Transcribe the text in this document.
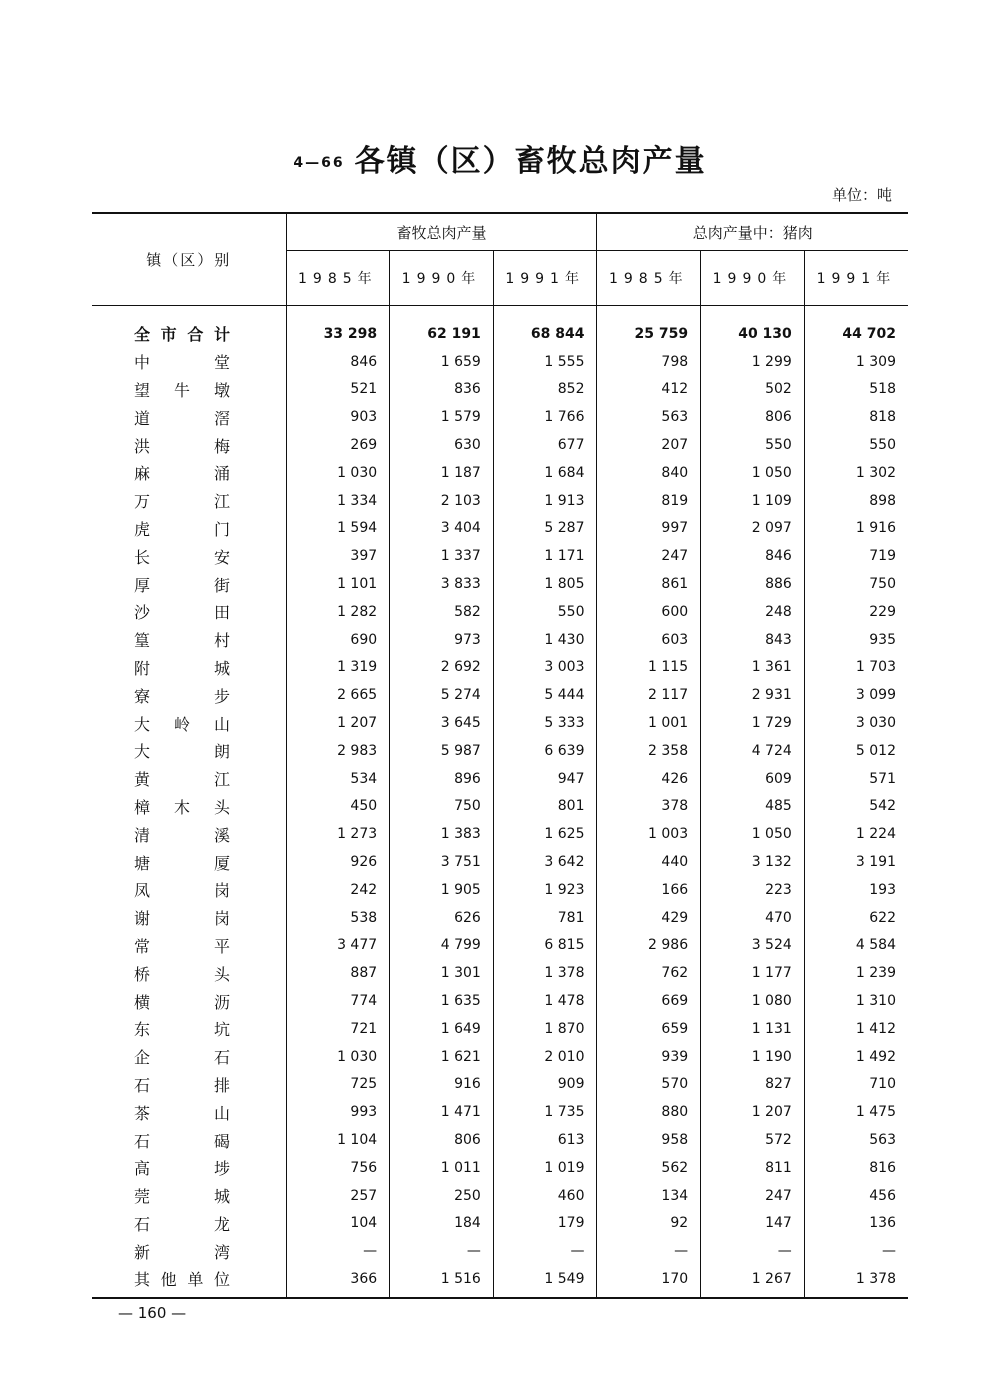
4—66 各镇（区）畜牧总肉产量
单位：吨
镇（区）别	畜牧总肉产量			总肉产量中：猪肉		
	1985年	1990年	1991年	1985年	1990年	1991年

全 市 合 计	33 298	62 191	68 844	25 759	40 130	44 702

中 堂	846	1 659	1 555	798	1 299	1 309

望 牛 墩	521	836	852	412	502	518

道 滘	903	1 579	1 766	563	806	818

洪 梅	269	630	677	207	550	550

麻 涌	1 030	1 187	1 684	840	1 050	1 302

万 江	1 334	2 103	1 913	819	1 109	898

虎 门	1 594	3 404	5 287	997	2 097	1 916

长 安	397	1 337	1 171	247	846	719

厚 街	1 101	3 833	1 805	861	886	750

沙 田	1 282	582	550	600	248	229

篁 村	690	973	1 430	603	843	935

附 城	1 319	2 692	3 003	1 115	1 361	1 703

寮 步	2 665	5 274	5 444	2 117	2 931	3 099

大 岭 山	1 207	3 645	5 333	1 001	1 729	3 030

大 朗	2 983	5 987	6 639	2 358	4 724	5 012

黄 江	534	896	947	426	609	571

樟 木 头	450	750	801	378	485	542

清 溪	1 273	1 383	1 625	1 003	1 050	1 224

塘 厦	926	3 751	3 642	440	3 132	3 191

凤 岗	242	1 905	1 923	166	223	193

谢 岗	538	626	781	429	470	622

常 平	3 477	4 799	6 815	2 986	3 524	4 584

桥 头	887	1 301	1 378	762	1 177	1 239

横 沥	774	1 635	1 478	669	1 080	1 310

东 坑	721	1 649	1 870	659	1 131	1 412

企 石	1 030	1 621	2 010	939	1 190	1 492

石 排	725	916	909	570	827	710

茶 山	993	1 471	1 735	880	1 207	1 475

石 碣	1 104	806	613	958	572	563

高 埗	756	1 011	1 019	562	811	816

莞 城	257	250	460	134	247	456

石 龙	104	184	179	92	147	136

新 湾	—	—	—	—	—	—

其 他 单 位	366	1 516	1 549	170	1 267	1 378
— 160 —
